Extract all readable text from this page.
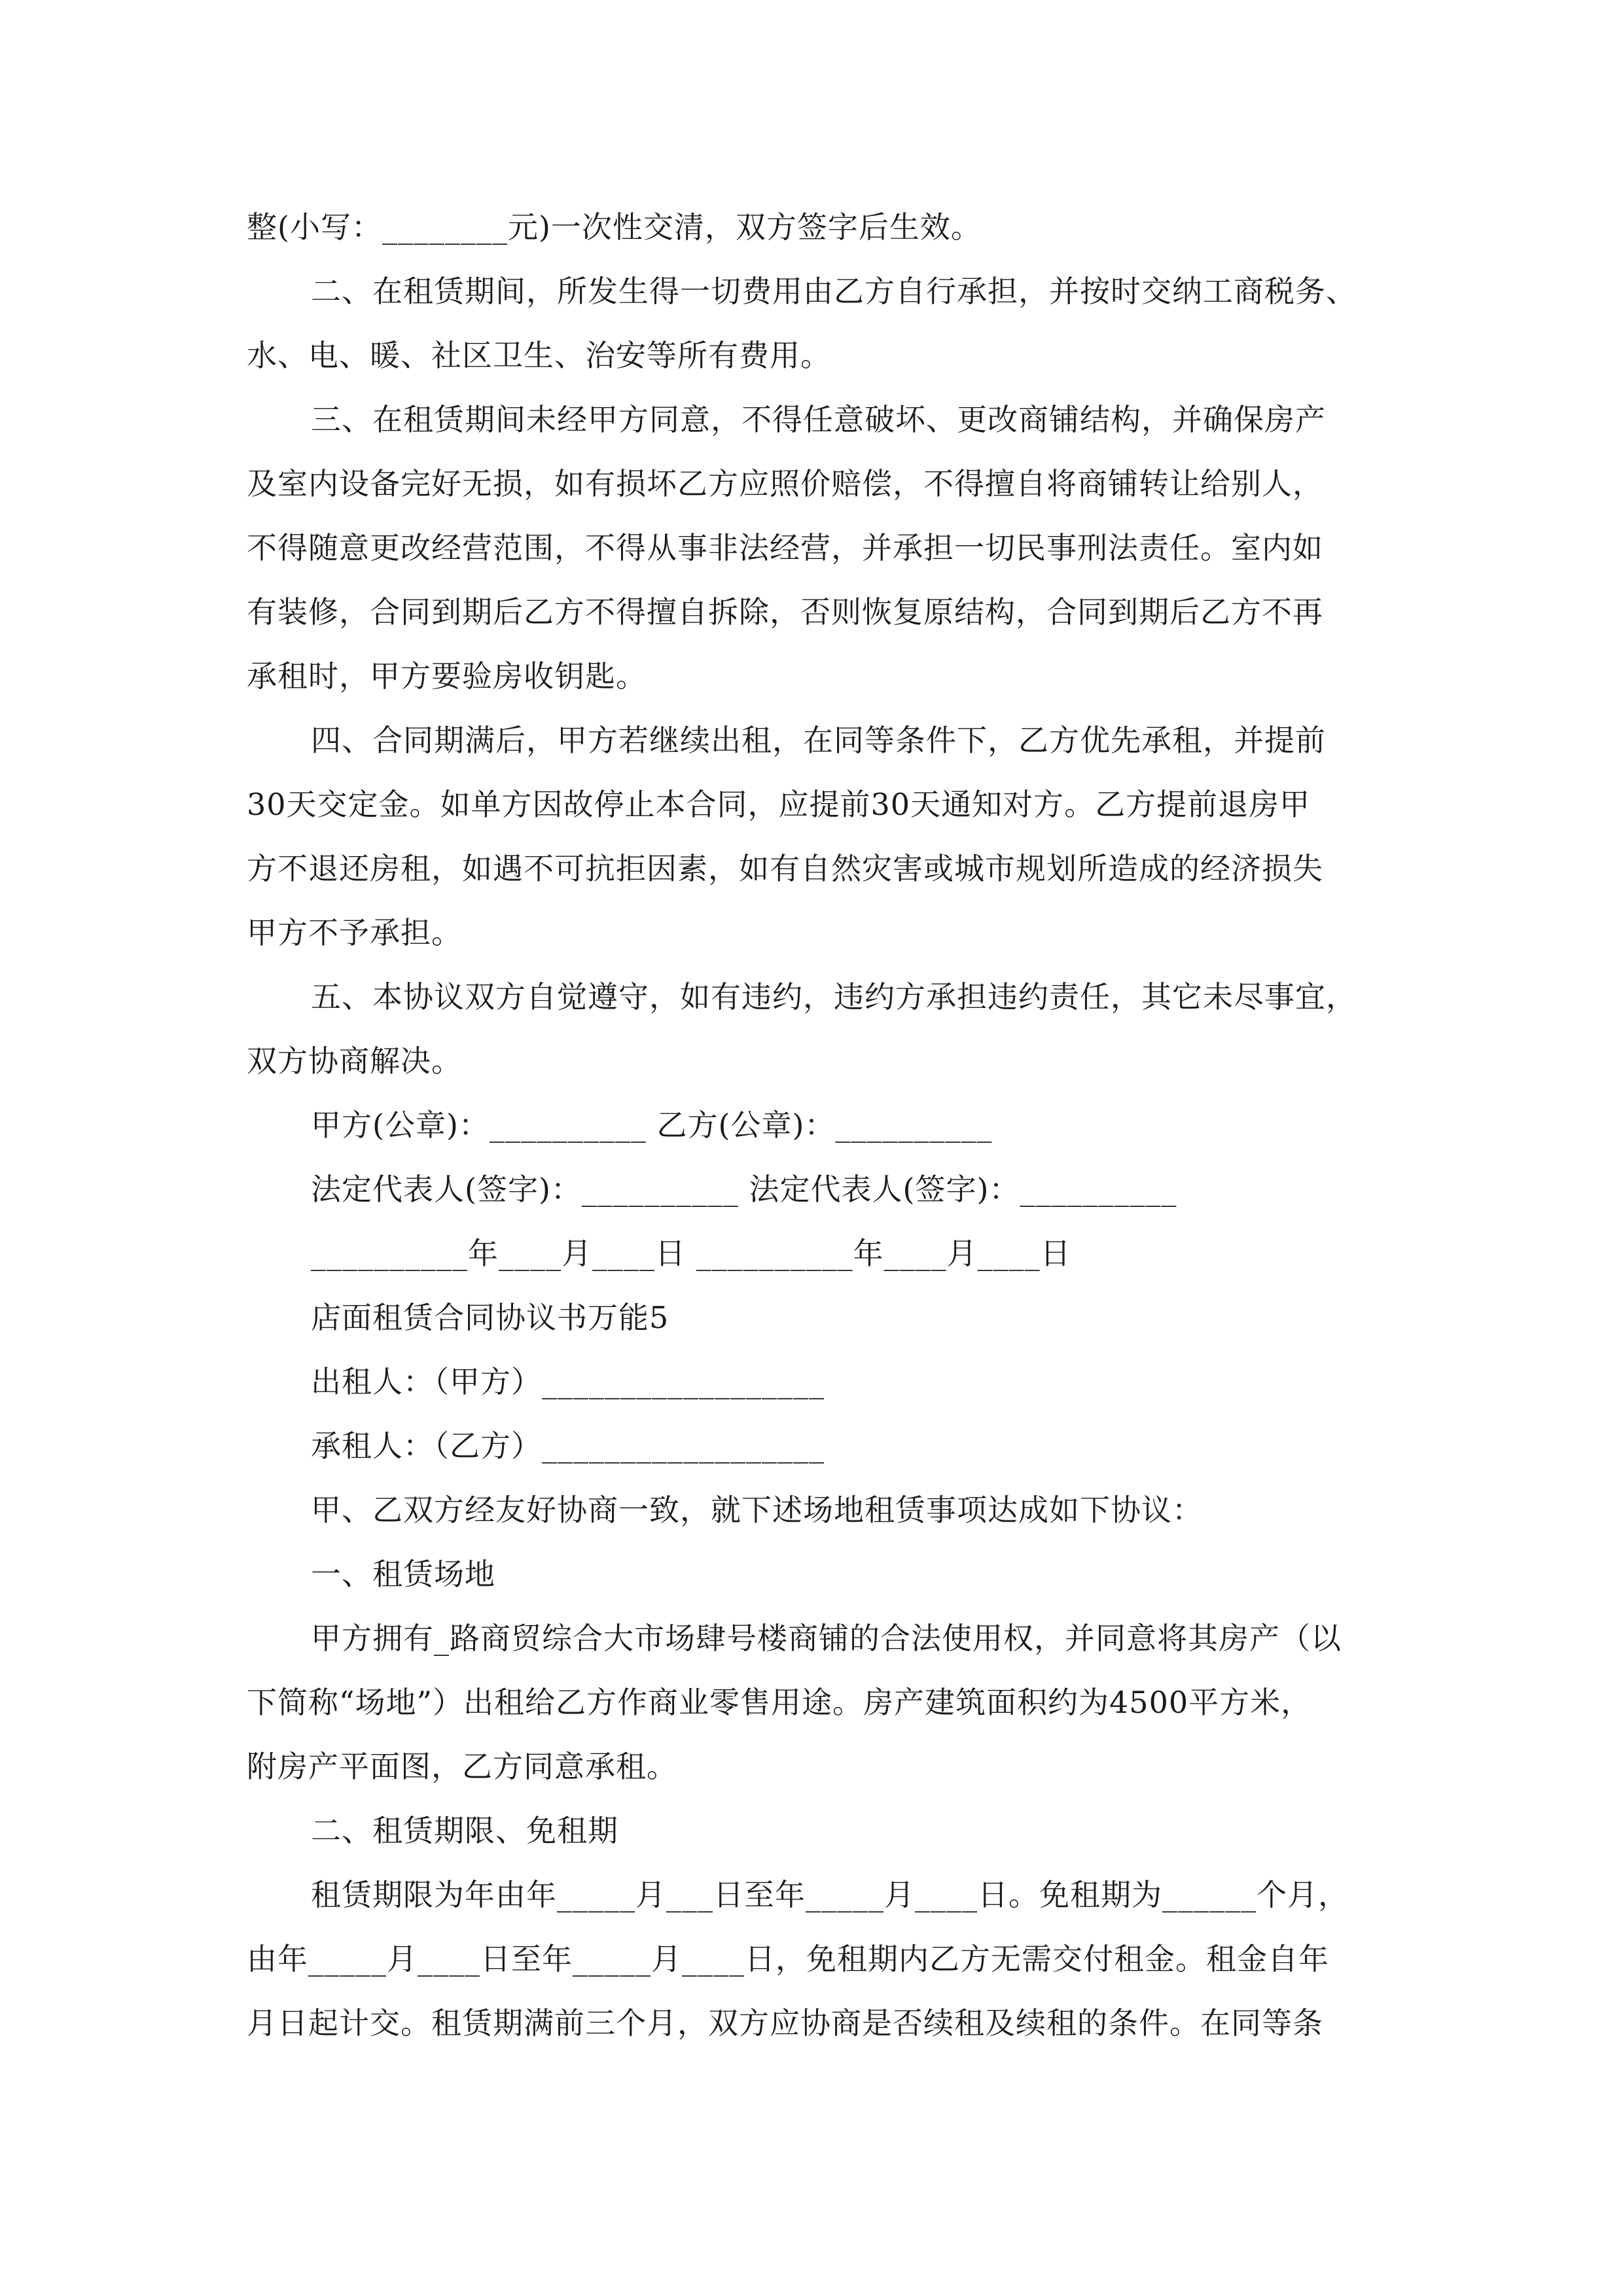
整(小写：________元)一次性交清，双方签字后生效。
二、在租赁期间，所发生得一切费用由乙方自行承担，并按时交纳工商税务、
水、电、暖、社区卫生、治安等所有费用。
三、在租赁期间未经甲方同意，不得任意破坏、更改商铺结构，并确保房产
及室内设备完好无损，如有损坏乙方应照价赔偿，不得擅自将商铺转让给别人，
不得随意更改经营范围，不得从事非法经营，并承担一切民事刑法责任。室内如
有装修，合同到期后乙方不得擅自拆除，否则恢复原结构，合同到期后乙方不再
承租时，甲方要验房收钥匙。
四、合同期满后，甲方若继续出租，在同等条件下，乙方优先承租，并提前
30天交定金。如单方因故停止本合同，应提前30天通知对方。乙方提前退房甲
方不退还房租，如遇不可抗拒因素，如有自然灾害或城市规划所造成的经济损失
甲方不予承担。
五、本协议双方自觉遵守，如有违约，违约方承担违约责任，其它未尽事宜，
双方协商解决。
甲方(公章)：__________ 乙方(公章)：__________
法定代表人(签字)：__________ 法定代表人(签字)：__________
__________年____月____日 __________年____月____日
店面租赁合同协议书万能5
出租人：（甲方）__________________
承租人：（乙方）__________________
甲、乙双方经友好协商一致，就下述场地租赁事项达成如下协议：
一、租赁场地
甲方拥有_路商贸综合大市场肆号楼商铺的合法使用权，并同意将其房产（以
下简称“场地”）出租给乙方作商业零售用途。房产建筑面积约为4500平方米，
附房产平面图，乙方同意承租。
二、租赁期限、免租期
租赁期限为年由年_____月___日至年_____月____日。免租期为______个月，
由年_____月____日至年_____月____日，免租期内乙方无需交付租金。租金自年
月日起计交。租赁期满前三个月，双方应协商是否续租及续租的条件。在同等条
